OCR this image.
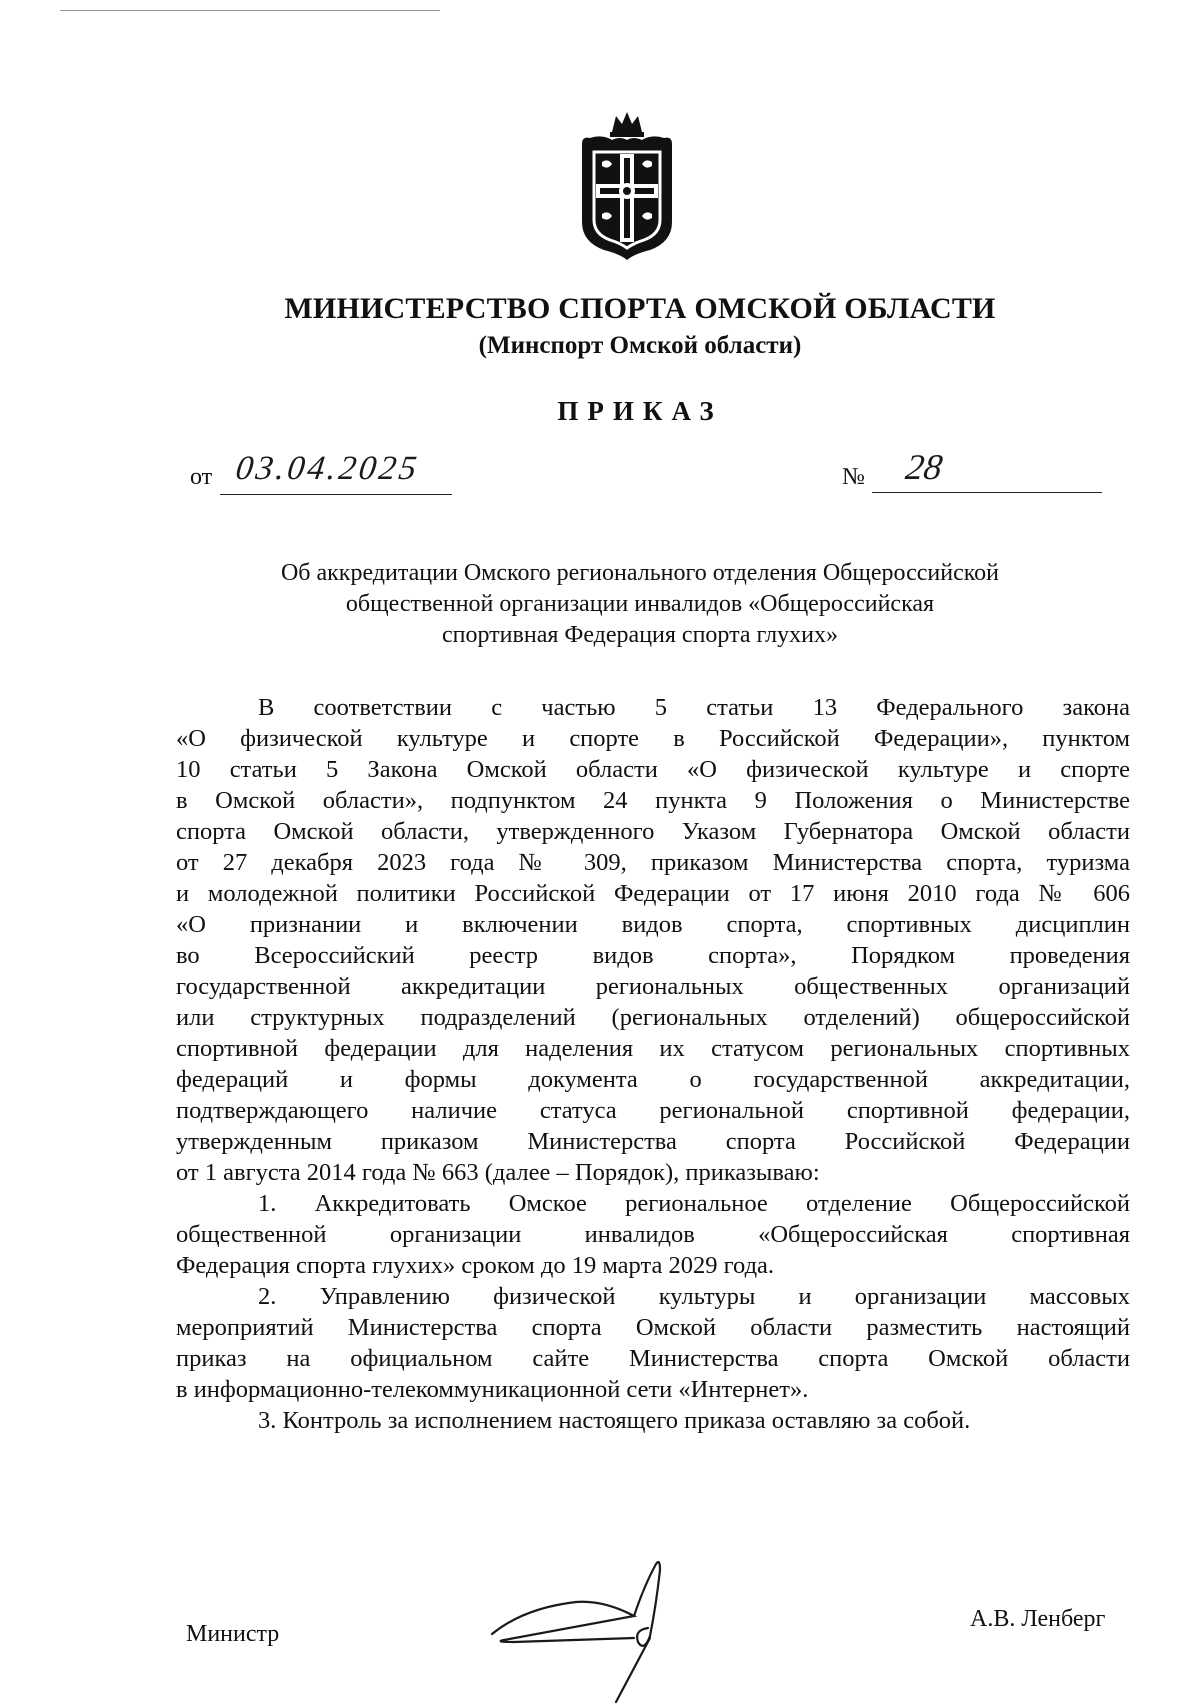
МИНИСТЕРСТВО СПОРТА ОМСКОЙ ОБЛАСТИ
(Минспорт Омской области)
ПРИКАЗ
от 03.04.2025	№ 28
Об аккредитации Омского регионального отделения Общероссийской
общественной организации инвалидов «Общероссийская
спортивная Федерация спорта глухих»
В соответствии с частью 5 статьи 13 Федерального закона
«О физической культуре и спорте в Российской Федерации», пунктом
10 статьи 5 Закона Омской области «О физической культуре и спорте
в Омской области», подпунктом 24 пункта 9 Положения о Министерстве
спорта Омской области, утвержденного Указом Губернатора Омской области
от 27 декабря 2023 года № 309, приказом Министерства спорта, туризма
и молодежной политики Российской Федерации от 17 июня 2010 года № 606
«О признании и включении видов спорта, спортивных дисциплин
во Всероссийский реестр видов спорта», Порядком проведения
государственной аккредитации региональных общественных организаций
или структурных подразделений (региональных отделений) общероссийской
спортивной федерации для наделения их статусом региональных спортивных
федераций и формы документа о государственной аккредитации,
подтверждающего наличие статуса региональной спортивной федерации,
утвержденным приказом Министерства спорта Российской Федерации
от 1 августа 2014 года № 663 (далее – Порядок), приказываю:
1. Аккредитовать Омское региональное отделение Общероссийской
общественной организации инвалидов «Общероссийская спортивная
Федерация спорта глухих» сроком до 19 марта 2029 года.
2. Управлению физической культуры и организации массовых
мероприятий Министерства спорта Омской области разместить настоящий
приказ на официальном сайте Министерства спорта Омской области
в информационно-телекоммуникационной сети «Интернет».
3. Контроль за исполнением настоящего приказа оставляю за собой.
Министр
А.В. Ленберг
